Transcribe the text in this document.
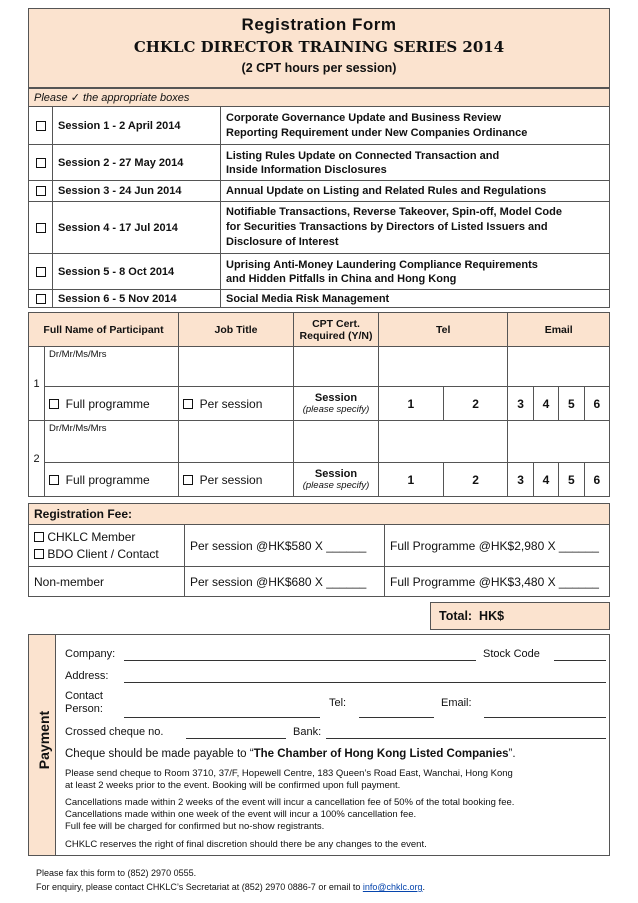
Registration Form
CHKLC DIRECTOR TRAINING SERIES 2014
(2 CPT hours per session)
Please ✓ the appropriate boxes		
	Session 1 - 2 April 2014	Corporate Governance Update and Business Review
Reporting Requirement under New Companies Ordinance

	Session 2 - 27 May 2014	Listing Rules Update on Connected Transaction and
Inside Information Disclosures

	Session 3 - 24 Jun 2014	Annual Update on Listing and Related Rules and Regulations
	Session 4 - 17 Jul 2014	Notifiable Transactions, Reverse Takeover, Spin-off, Model Code
for Securities Transactions by Directors of Listed Issuers and
Disclosure of Interest

	Session 5 - 8 Oct 2014	Uprising Anti-Money Laundering Compliance Requirements
and Hidden Pitfalls in China and Hong Kong

	Session 6 - 5 Nov 2014	Social Media Risk Management
Full Name of Participant		Job Title	CPT Cert.
Required (Y/N)	Tel		Email			
1	Dr/Mr/Ms/Mrs								
	Full programme	Per session	Session
(please specify)	1	2	3	4	5	6
2	Dr/Mr/Ms/Mrs								
	Full programme	Per session	Session
(please specify)	1	2	3	4	5	6
Registration Fee:		

CHKLC Member
BDO Client / Contact	Per session @HK$580 X ______	Full Programme @HK$2,980 X ______
Non-member	Per session @HK$680 X ______	Full Programme @HK$3,480 X ______
Total: HK$
Payment
Company:	Stock Code
Address:
Contact
Person:	Tel:	Email:
Crossed cheque no.	Bank:
Cheque should be made payable to “The Chamber of Hong Kong Listed Companies”.
Please send cheque to Room 3710, 37/F, Hopewell Centre, 183 Queen’s Road East, Wanchai, Hong Kong
at least 2 weeks prior to the event. Booking will be confirmed upon full payment.
Cancellations made within 2 weeks of the event will incur a cancellation fee of 50% of the total booking fee.
Cancellations made within one week of the event will incur a 100% cancellation fee.
Full fee will be charged for confirmed but no-show registrants.
CHKLC reserves the right of final discretion should there be any changes to the event.
Please fax this form to (852) 2970 0555.
For enquiry, please contact CHKLC’s Secretariat at (852) 2970 0886-7 or email to info@chklc.org.
